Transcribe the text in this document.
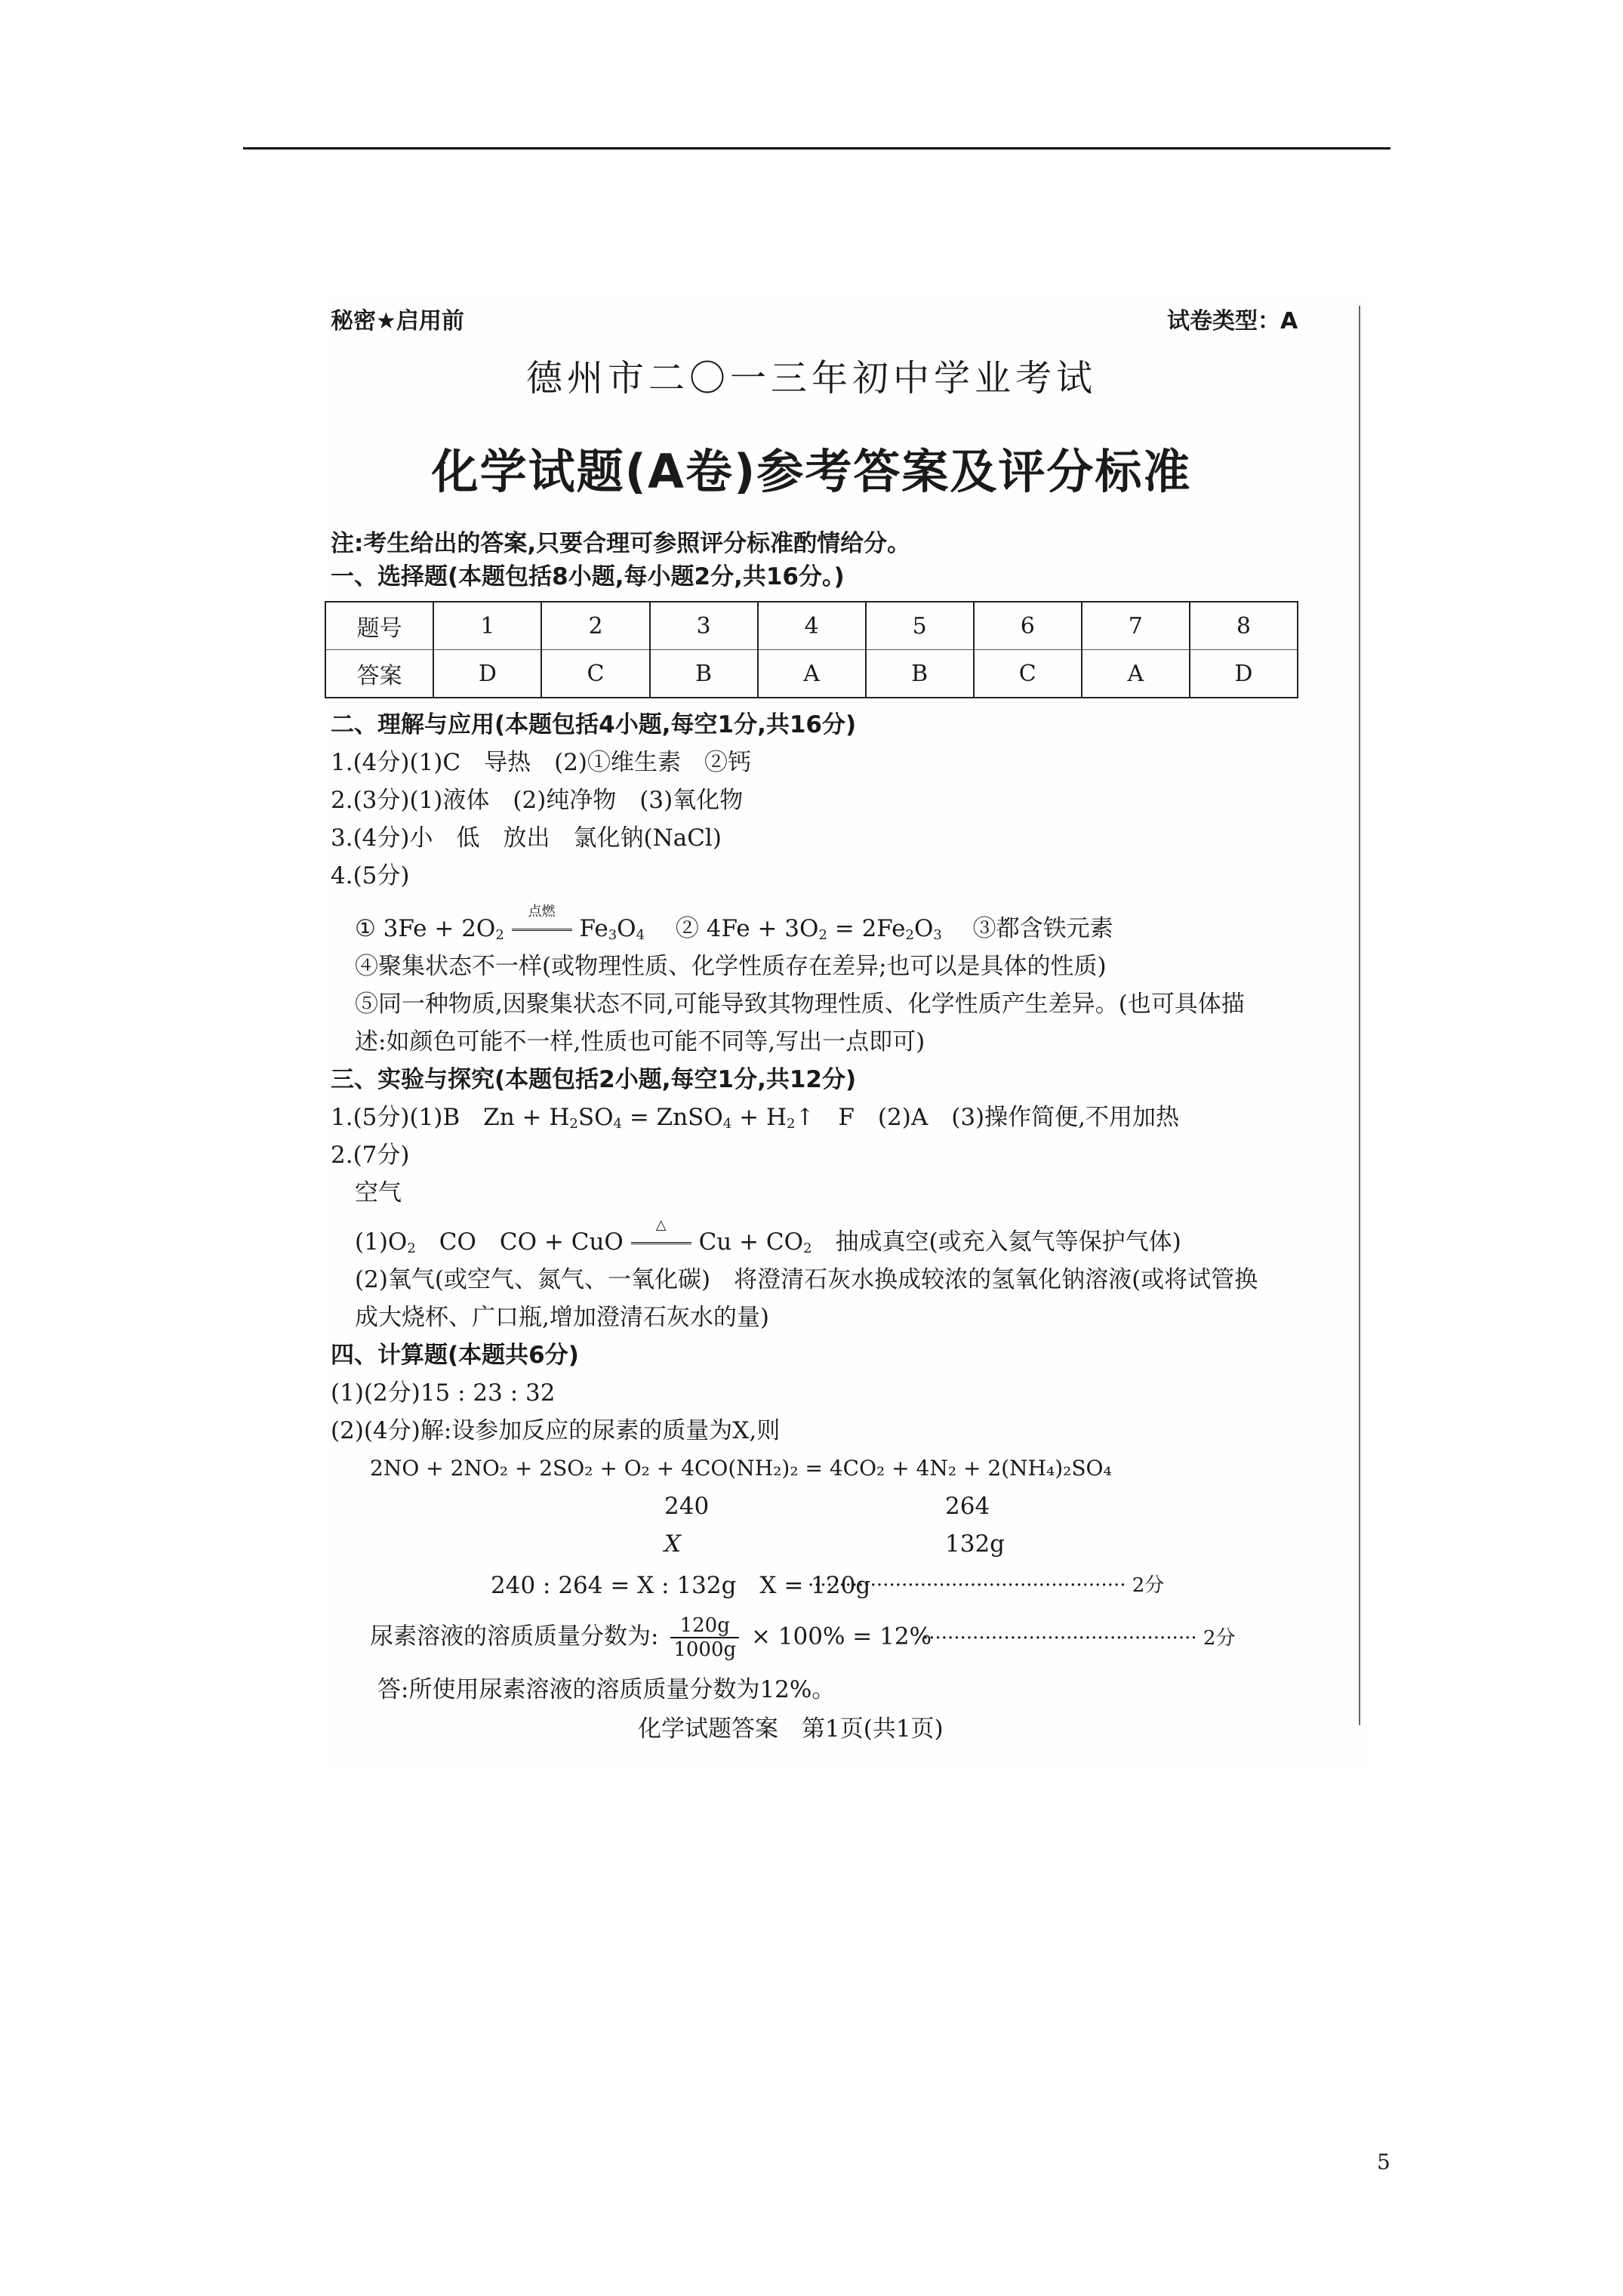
秘密★启用前	试卷类型：A
德州市二〇一三年初中学业考试
化学试题(A卷)参考答案及评分标准
注:考生给出的答案,只要合理可参照评分标准酌情给分。
一、选择题(本题包括8小题,每小题2分,共16分。)
题号	1	2	3	4	5	6	7	8
答案	D	C	B	A	B	C	A	D
二、理解与应用(本题包括4小题,每空1分,共16分)
1.(4分)(1)C　导热　(2)①维生素　②钙
2.(3分)(1)液体　(2)纯净物　(3)氧化物
3.(4分)小　低　放出　氯化钠(NaCl)
4.(5分)
① $3Fe + 2O_2$
点燃
$Fe_3O_4$　 ② $4Fe + 3O_2 = 2Fe_2O_3$　 ③都含铁元素
④聚集状态不一样(或物理性质、化学性质存在差异;也可以是具体的性质)
⑤同一种物质,因聚集状态不同,可能导致其物理性质、化学性质产生差异。(也可具体描
述:如颜色可能不一样,性质也可能不同等,写出一点即可)
三、实验与探究(本题包括2小题,每空1分,共12分)
1.(5分)(1)B　$Zn + H_2SO_4$ = ZnSO$_4$ + $H_2↑$　F　(2)A　(3)操作简便,不用加热
2.(7分)
空气
$(1)O_2$　CO　CO + CuO
△
$Cu + CO_2$　抽成真空(或充入氦气等保护气体)
(2)氧气(或空气、氮气、一氧化碳)　将澄清石灰水换成较浓的氢氧化钠溶液(或将试管换
成大烧杯、广口瓶,增加澄清石灰水的量)
四、计算题(本题共6分)
(1)(2分)15 : 23 : 32
(2)(4分)解:设参加反应的尿素的质量为X,则
2NO + 2NO₂ + 2SO₂ + O₂ + 4CO(NH₂)₂ = 4CO₂ + 4N₂ + 2(NH₄)₂SO₄
240	264
X	132g
240 : 264 = X : 132g　X = 120g
··················································· 2分
尿素溶液的溶质质量分数为: $\frac{120g}{1000g} \times 100\% = 12\%$
············································ 2分
答:所使用尿素溶液的溶质质量分数为12%。
化学试题答案　第1页(共1页)
5
